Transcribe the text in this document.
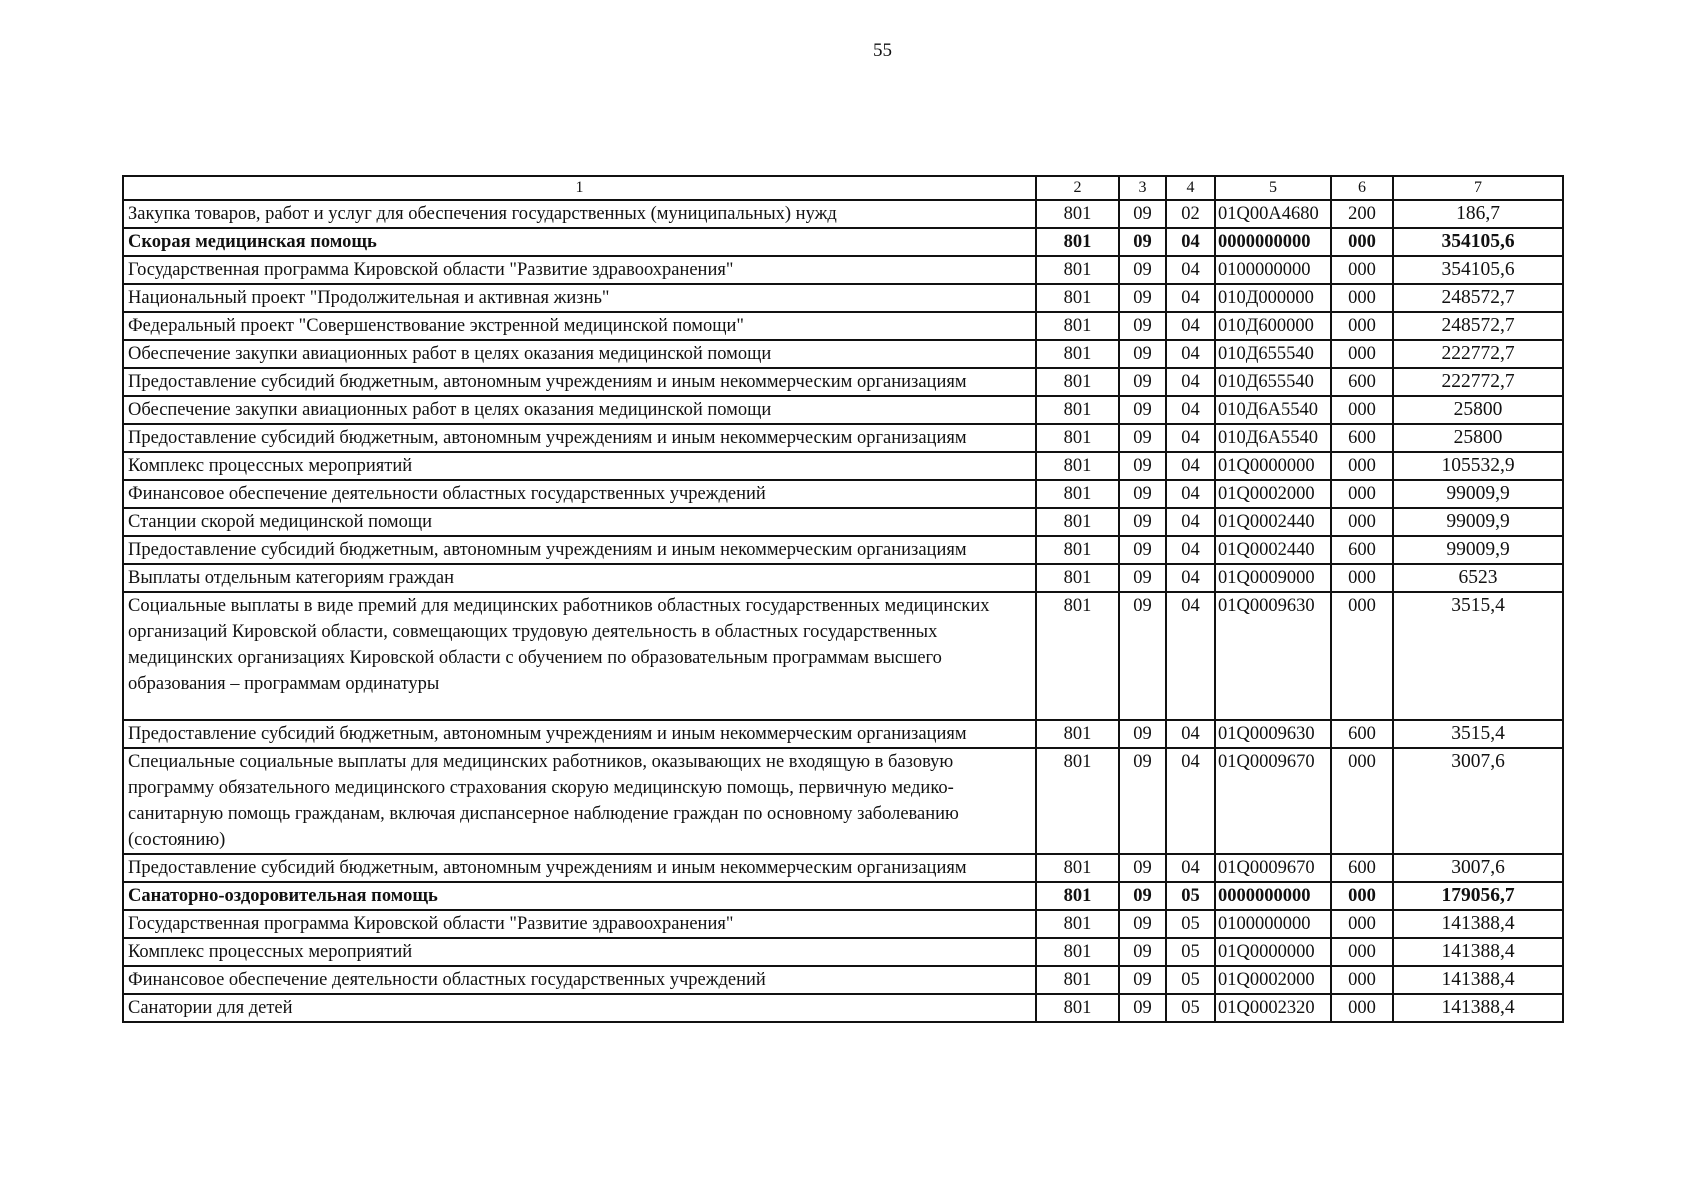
55
1	2	3	4	5	6	7
Закупка товаров, работ и услуг для обеспечения государственных (муниципальных) нужд	801	09	02	01Q00A4680	200	186,7
Скорая медицинская помощь	801	09	04	0000000000	000	354105,6
Государственная программа Кировской области "Развитие здравоохранения"	801	09	04	0100000000	000	354105,6
Национальный проект "Продолжительная и активная жизнь"	801	09	04	010Д000000	000	248572,7
Федеральный проект "Совершенствование экстренной медицинской помощи"	801	09	04	010Д600000	000	248572,7
Обеспечение закупки авиационных работ в целях оказания медицинской помощи	801	09	04	010Д655540	000	222772,7
Предоставление субсидий бюджетным, автономным учреждениям и иным некоммерческим организациям	801	09	04	010Д655540	600	222772,7
Обеспечение закупки авиационных работ в целях оказания медицинской помощи	801	09	04	010Д6А5540	000	25800
Предоставление субсидий бюджетным, автономным учреждениям и иным некоммерческим организациям	801	09	04	010Д6А5540	600	25800
Комплекс процессных мероприятий	801	09	04	01Q0000000	000	105532,9
Финансовое обеспечение деятельности областных государственных учреждений	801	09	04	01Q0002000	000	99009,9
Станции скорой медицинской помощи	801	09	04	01Q0002440	000	99009,9
Предоставление субсидий бюджетным, автономным учреждениям и иным некоммерческим организациям	801	09	04	01Q0002440	600	99009,9
Выплаты отдельным категориям граждан	801	09	04	01Q0009000	000	6523
Социальные выплаты в виде премий для медицинских работников областных государственных медицинских организаций Кировской области, совмещающих трудовую деятельность в областных государственных медицинских организациях Кировской области с обучением по образовательным программам высшего образования – программам ординатуры	801	09	04	01Q0009630	000	3515,4
Предоставление субсидий бюджетным, автономным учреждениям и иным некоммерческим организациям	801	09	04	01Q0009630	600	3515,4
Специальные социальные выплаты для медицинских работников, оказывающих не входящую в базовую программу обязательного медицинского страхования скорую медицинскую помощь, первичную медико-санитарную помощь гражданам, включая диспансерное наблюдение граждан по основному заболеванию (состоянию)	801	09	04	01Q0009670	000	3007,6
Предоставление субсидий бюджетным, автономным учреждениям и иным некоммерческим организациям	801	09	04	01Q0009670	600	3007,6
Санаторно-оздоровительная помощь	801	09	05	0000000000	000	179056,7
Государственная программа Кировской области "Развитие здравоохранения"	801	09	05	0100000000	000	141388,4
Комплекс процессных мероприятий	801	09	05	01Q0000000	000	141388,4
Финансовое обеспечение деятельности областных государственных учреждений	801	09	05	01Q0002000	000	141388,4
Санатории для детей	801	09	05	01Q0002320	000	141388,4
